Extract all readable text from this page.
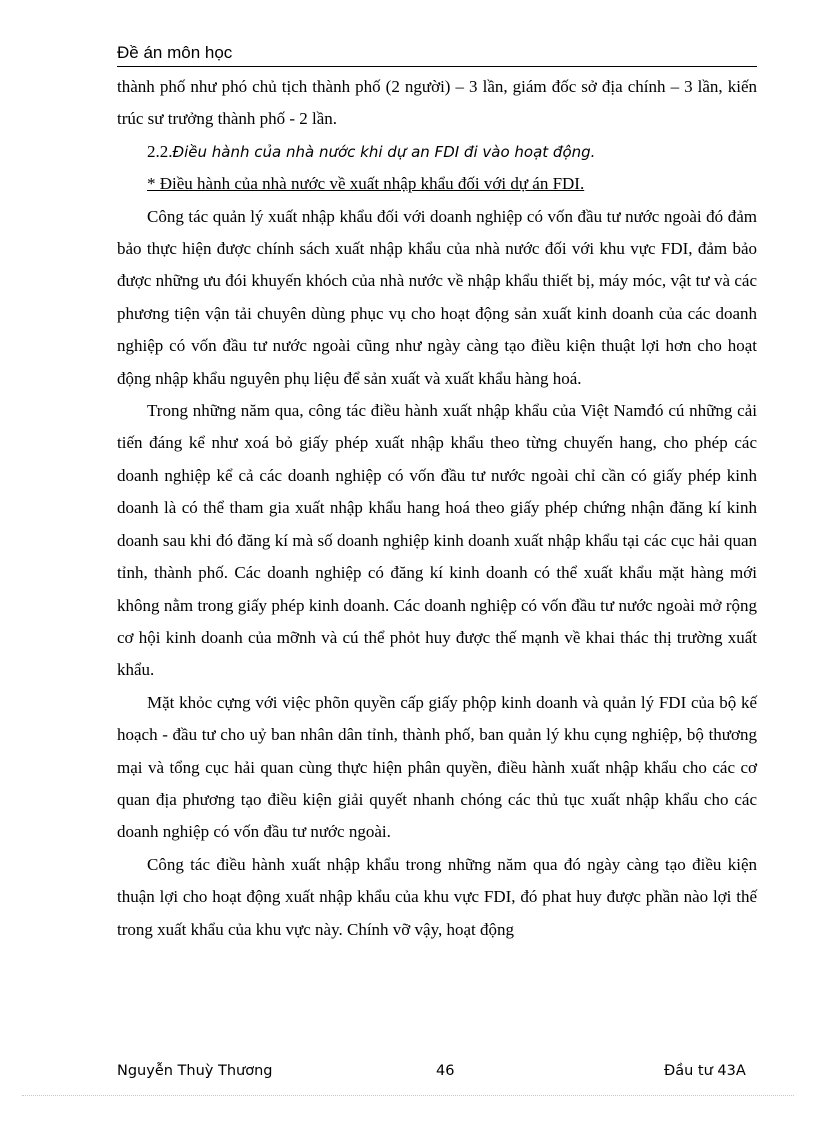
Đề án môn học

thành phố như phó chủ tịch thành phố (2 người) – 3 lần, giám đốc sở địa chính – 3 lần, kiến trúc sư trưởng thành phố - 2 lần.

2.2.Điều hành của nhà nước khi dự an FDI đi vào hoạt động.

* Điều hành của nhà nước về xuất nhập khẩu đối với dự án FDI.

Công tác quản lý xuất nhập khẩu đối với doanh nghiệp có vốn đầu tư nước ngoài đó đảm bảo thực hiện được chính sách xuất nhập khẩu của nhà nước đối với khu vực FDI, đảm bảo được những ưu đói khuyến khóch của nhà nước về nhập khẩu thiết bị, máy móc, vật tư và các phương tiện vận tải chuyên dùng phục vụ cho hoạt động sản xuất kinh doanh của các doanh nghiệp có vốn đầu tư nước ngoài cũng như ngày càng tạo điều kiện thuật lợi hơn cho hoạt động nhập khẩu nguyên phụ liệu để sản xuất và xuất khẩu hàng hoá.

Trong những năm qua, công tác điều hành xuất nhập khẩu của Việt Namđó cú những cải tiến đáng kể như xoá bỏ giấy phép xuất nhập khẩu theo từng chuyến hang, cho phép các doanh nghiệp kể cả các doanh nghiệp có vốn đầu tư nước ngoài chỉ cần có giấy phép kinh doanh là có thể tham gia xuất nhập khẩu hang hoá theo giấy phép chứng nhận đăng kí kinh doanh sau khi đó đăng kí mà số doanh nghiệp kinh doanh xuất nhập khẩu tại các cục hải quan tỉnh, thành phố. Các doanh nghiệp có đăng kí kinh doanh có thể xuất khẩu mặt hàng mới không nằm trong giấy phép kinh doanh. Các doanh nghiệp có vốn đầu tư nước ngoài mở rộng cơ hội kinh doanh của mỡnh và cú thể phỏt huy được thế mạnh về khai thác thị trường xuất khẩu.

Mặt khỏc cựng với việc phõn quyền cấp giấy phộp kinh doanh và quản lý FDI của bộ kế hoạch - đầu tư cho uỷ ban nhân dân tỉnh, thành phố, ban quản lý khu cụng nghiệp, bộ thương mại và tổng cục hải quan cùng thực hiện phân quyền, điều hành xuất nhập khẩu cho các cơ quan địa phương tạo điều kiện giải quyết nhanh chóng các thủ tục xuất nhập khẩu cho các doanh nghiệp có vốn đầu tư nước ngoài.

Công tác điều hành xuất nhập khẩu trong những năm qua đó ngày càng tạo điều kiện thuận lợi cho hoạt động xuất nhập khẩu của khu vực FDI, đó phat huy được phần nào lợi thế trong xuất khẩu của khu vực này. Chính vỡ vậy, hoạt động

Nguyễn Thuỳ Thương	46	Đầu tư 43A
